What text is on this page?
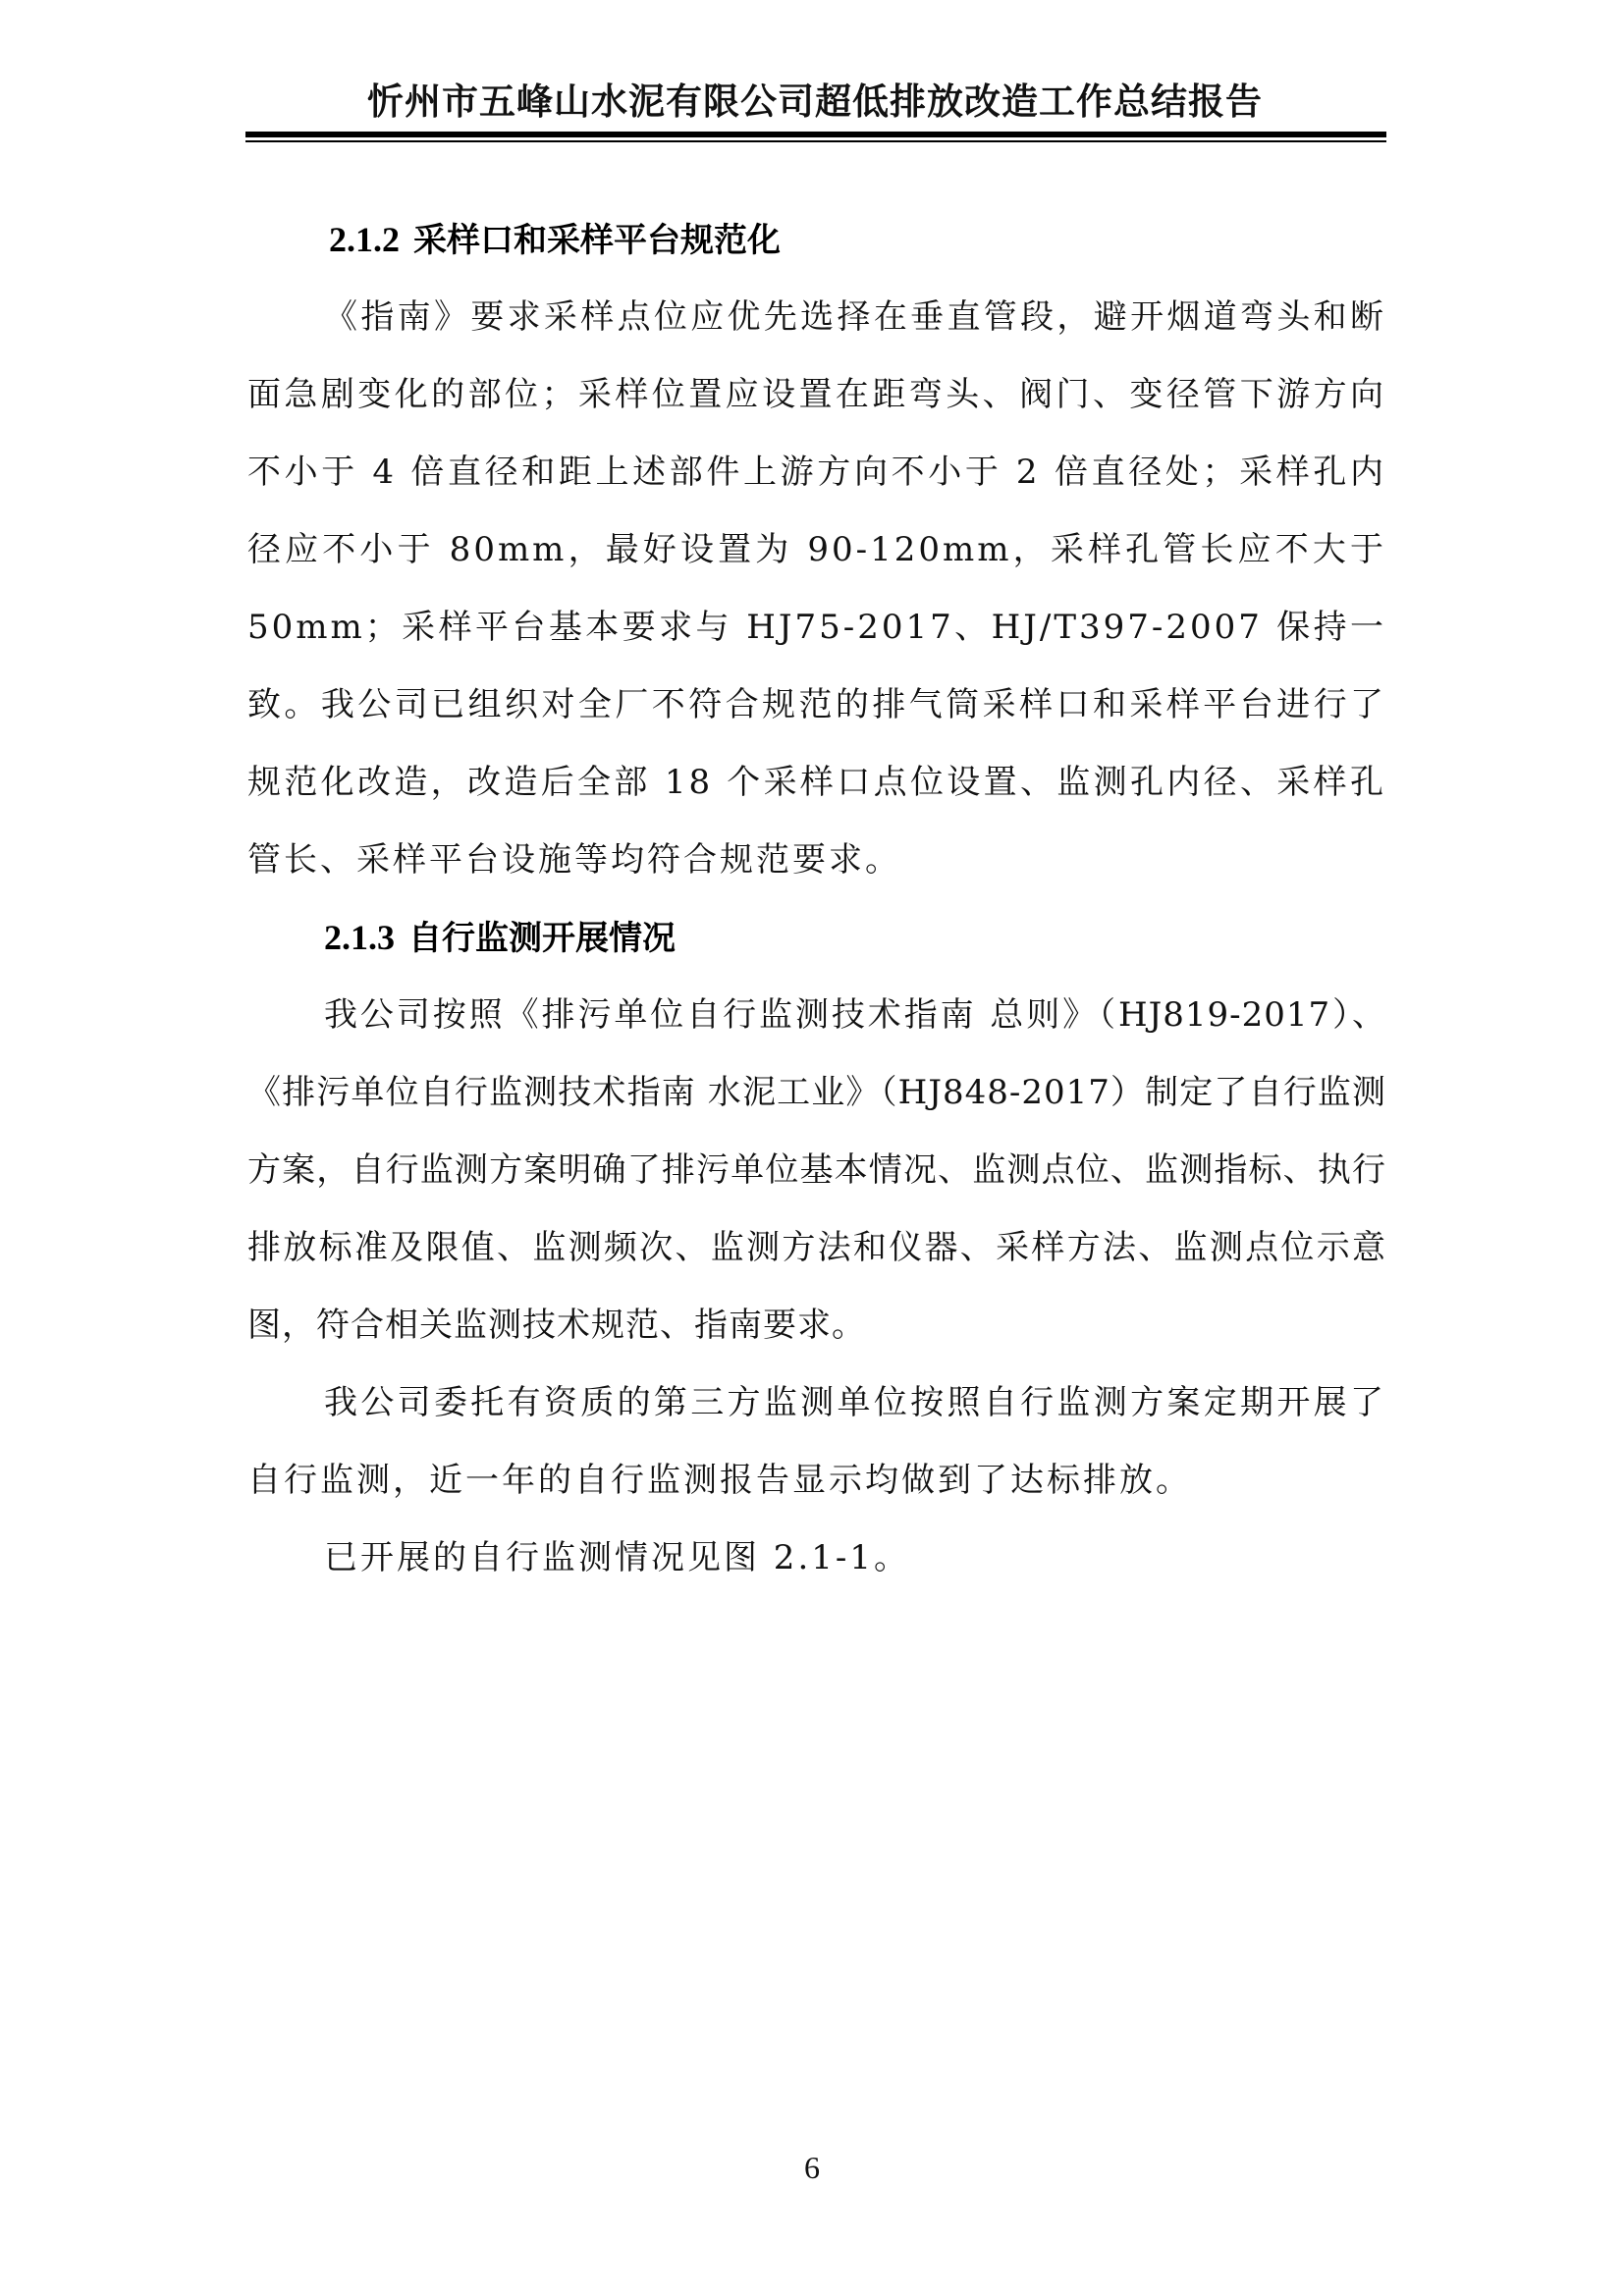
忻州市五峰山水泥有限公司超低排放改造工作总结报告
2.1.2 采样口和采样平台规范化

《指南》要求采样点位应优先选择在垂直管段，避开烟道弯头和断面急剧变化的部位；采样位置应设置在距弯头、阀门、变径管下游方向不小于 4 倍直径和距上述部件上游方向不小于 2 倍直径处；采样孔内径应不小于 80mm，最好设置为 90-120mm，采样孔管长应不大于 50mm；采样平台基本要求与 HJ75-2017、HJ/T397-2007 保持一致。我公司已组织对全厂不符合规范的排气筒采样口和采样平台进行了规范化改造，改造后全部 18 个采样口点位设置、监测孔内径、采样孔管长、采样平台设施等均符合规范要求。

2.1.3 自行监测开展情况

我公司按照《排污单位自行监测技术指南 总则》（HJ819-2017）、《排污单位自行监测技术指南 水泥工业》（HJ848-2017）制定了自行监测方案，自行监测方案明确了排污单位基本情况、监测点位、监测指标、执行排放标准及限值、监测频次、监测方法和仪器、采样方法、监测点位示意图，符合相关监测技术规范、指南要求。

我公司委托有资质的第三方监测单位按照自行监测方案定期开展了自行监测，近一年的自行监测报告显示均做到了达标排放。

已开展的自行监测情况见图 2.1-1。

6
